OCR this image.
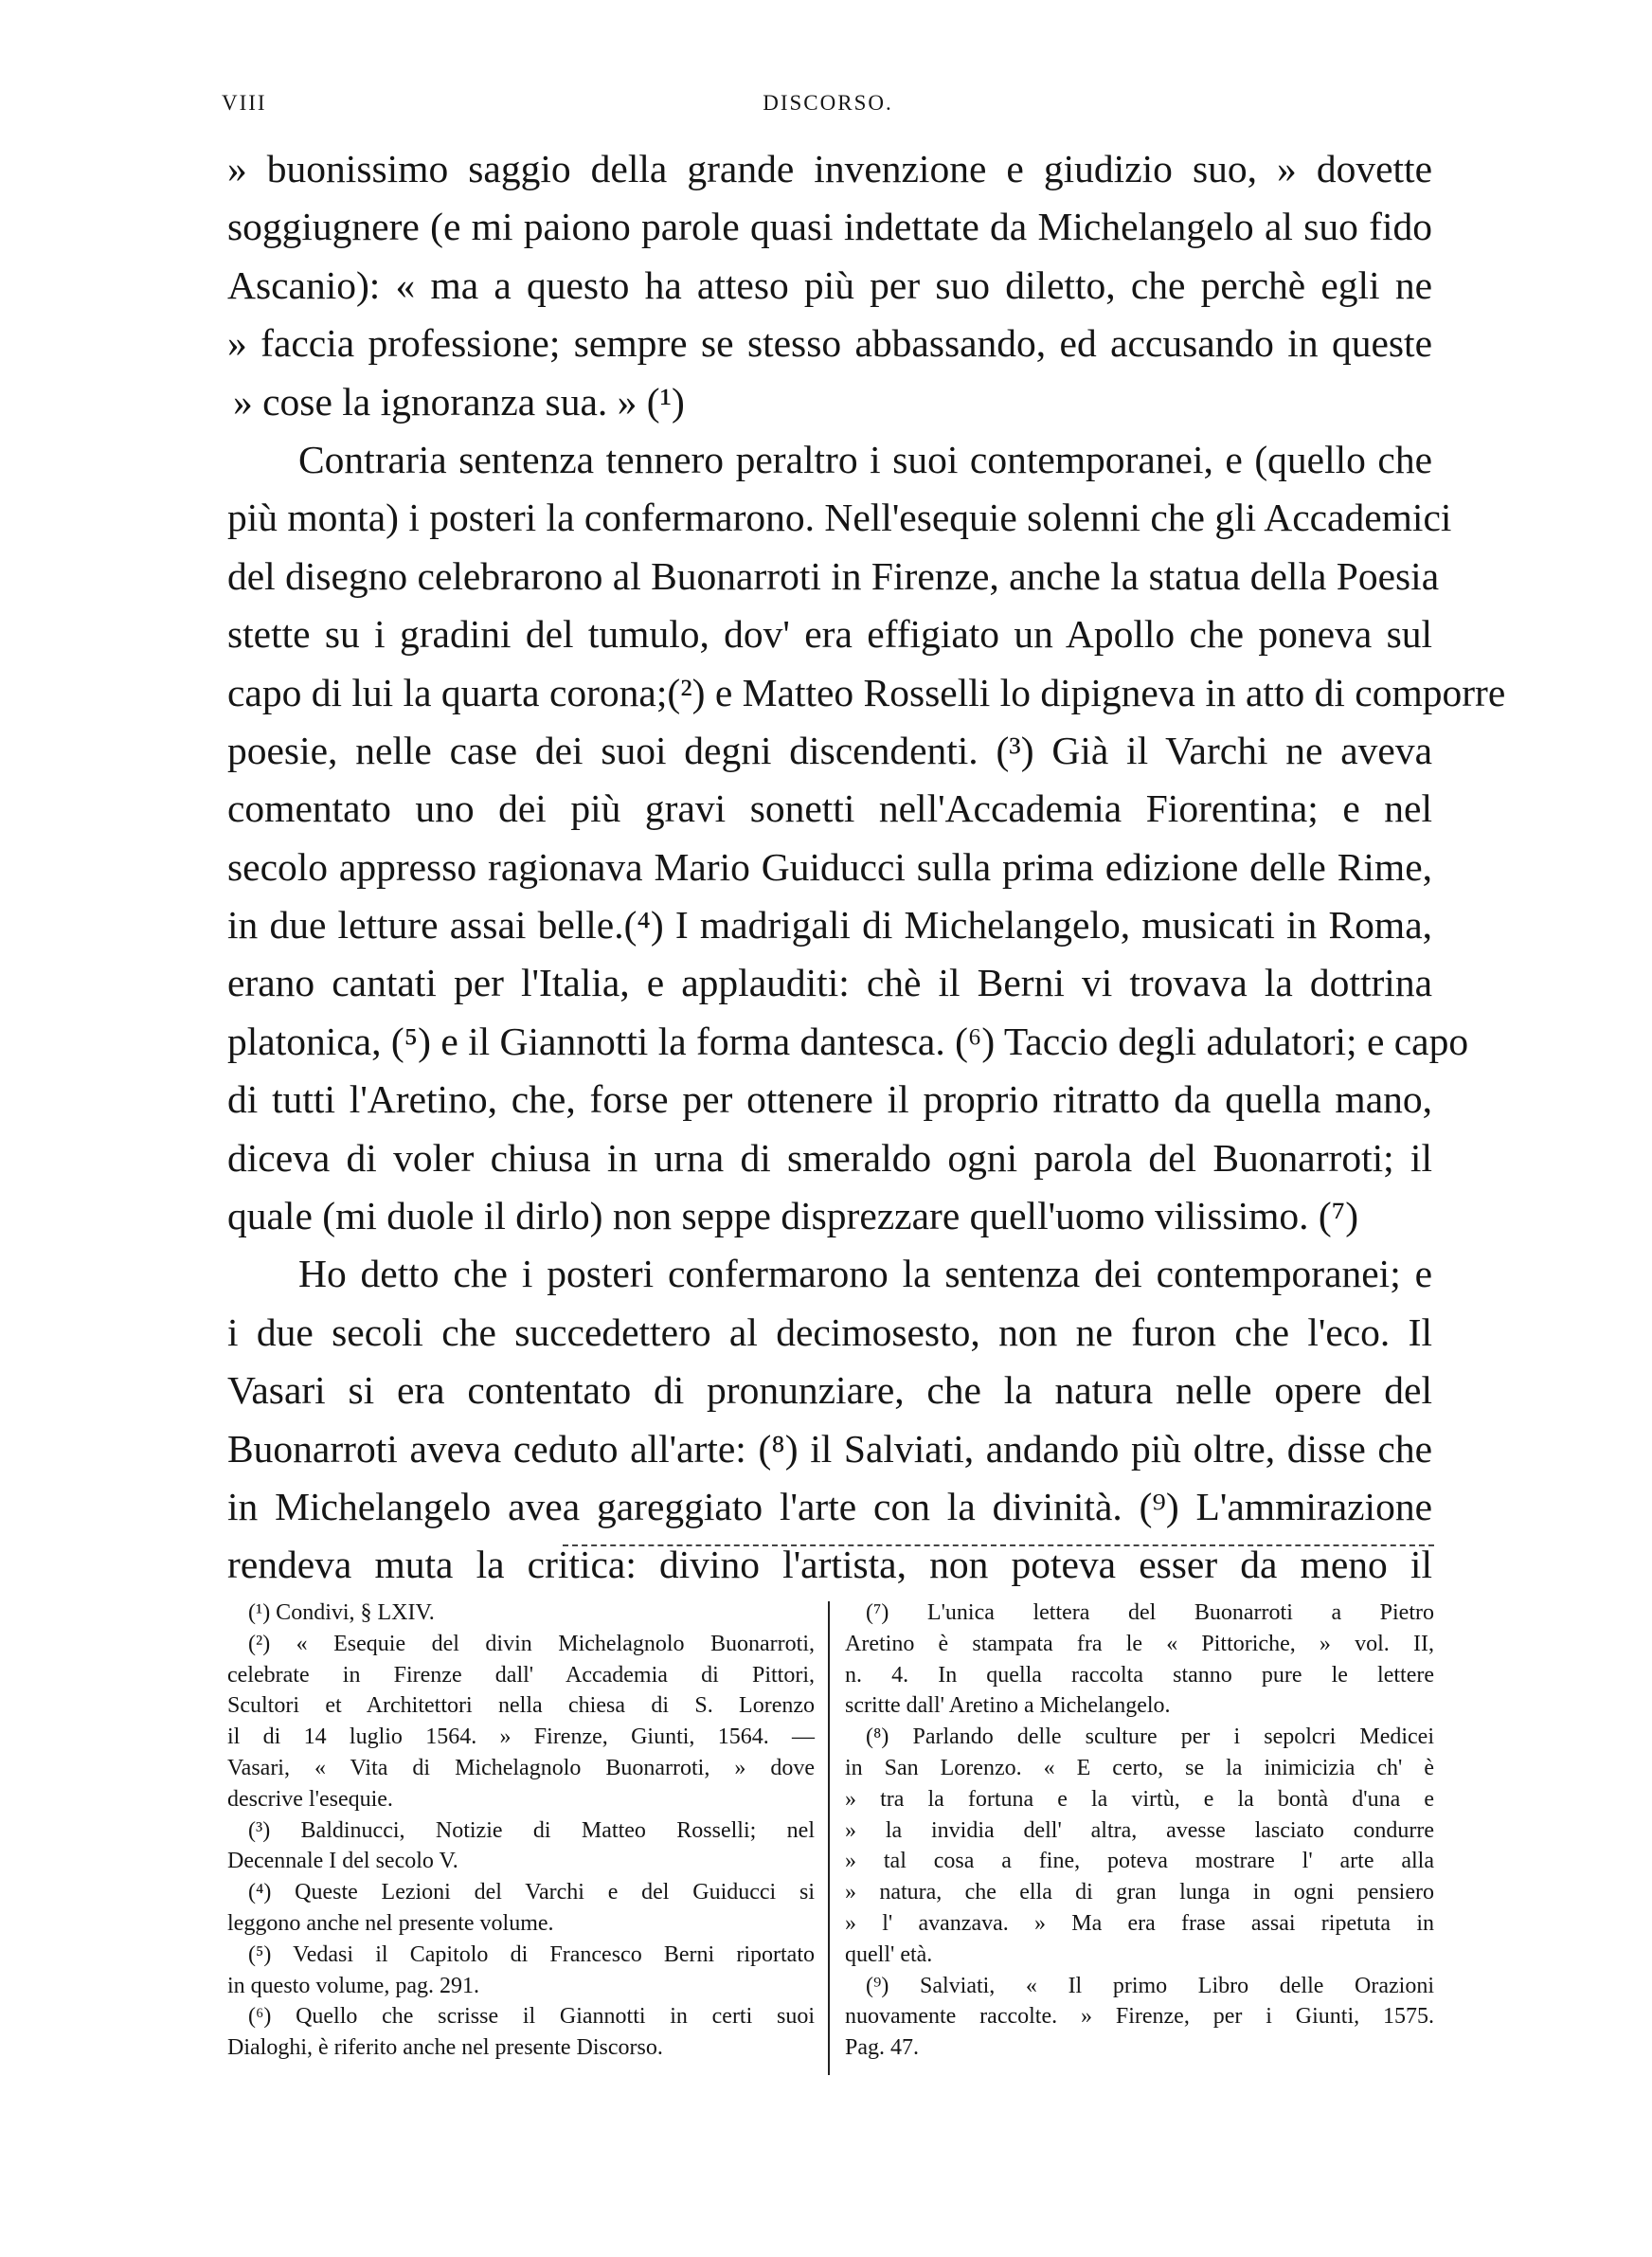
VIII	DISCORSO.
» buonissimo saggio della grande invenzione e giudizio suo, » dovette
soggiugnere (e mi paiono parole quasi indettate da Michelangelo al suo fido
Ascanio): « ma a questo ha atteso più per suo diletto, che perchè egli ne
» faccia professione; sempre se stesso abbassando, ed accusando in queste
» cose la ignoranza sua. » (¹)
Contraria sentenza tennero peraltro i suoi contemporanei, e (quello che
più monta) i posteri la confermarono. Nell'esequie solenni che gli Accademici
del disegno celebrarono al Buonarroti in Firenze, anche la statua della Poesia
stette su i gradini del tumulo, dov' era effigiato un Apollo che poneva sul
capo di lui la quarta corona;(²) e Matteo Rosselli lo dipigneva in atto di comporre
poesie, nelle case dei suoi degni discendenti. (³) Già il Varchi ne aveva
comentato uno dei più gravi sonetti nell'Accademia Fiorentina; e nel
secolo appresso ragionava Mario Guiducci sulla prima edizione delle Rime,
in due letture assai belle.(⁴) I madrigali di Michelangelo, musicati in Roma,
erano cantati per l'Italia, e applauditi: chè il Berni vi trovava la dottrina
platonica, (⁵) e il Giannotti la forma dantesca. (⁶) Taccio degli adulatori; e capo
di tutti l'Aretino, che, forse per ottenere il proprio ritratto da quella mano,
diceva di voler chiusa in urna di smeraldo ogni parola del Buonarroti; il
quale (mi duole il dirlo) non seppe disprezzare quell'uomo vilissimo. (⁷)
Ho detto che i posteri confermarono la sentenza dei contemporanei; e
i due secoli che succedettero al decimosesto, non ne furon che l'eco. Il
Vasari si era contentato di pronunziare, che la natura nelle opere del
Buonarroti aveva ceduto all'arte: (⁸) il Salviati, andando più oltre, disse che
in Michelangelo avea gareggiato l'arte con la divinità. (⁹) L'ammirazione
rendeva muta la critica: divino l'artista, non poteva esser da meno il
(¹) Condivi, § LXIV.
(²) « Esequie del divin Michelagnolo Buonarroti,
celebrate in Firenze dall' Accademia di Pittori,
Scultori et Architettori nella chiesa di S. Lorenzo
il di 14 luglio 1564. » Firenze, Giunti, 1564. —
Vasari, « Vita di Michelagnolo Buonarroti, » dove
descrive l'esequie.
(³) Baldinucci, Notizie di Matteo Rosselli; nel
Decennale I del secolo V.
(⁴) Queste Lezioni del Varchi e del Guiducci si
leggono anche nel presente volume.
(⁵) Vedasi il Capitolo di Francesco Berni riportato
in questo volume, pag. 291.
(⁶) Quello che scrisse il Giannotti in certi suoi
Dialoghi, è riferito anche nel presente Discorso.
(⁷) L'unica lettera del Buonarroti a Pietro
Aretino è stampata fra le « Pittoriche, » vol. II,
n. 4. In quella raccolta stanno pure le lettere
scritte dall' Aretino a Michelangelo.
(⁸) Parlando delle sculture per i sepolcri Medicei
in San Lorenzo. « E certo, se la inimicizia ch' è
» tra la fortuna e la virtù, e la bontà d'una e
» la invidia dell' altra, avesse lasciato condurre
» tal cosa a fine, poteva mostrare l' arte alla
» natura, che ella di gran lunga in ogni pensiero
» l' avanzava. » Ma era frase assai ripetuta in
quell' età.
(⁹) Salviati, « Il primo Libro delle Orazioni
nuovamente raccolte. » Firenze, per i Giunti, 1575.
Pag. 47.
